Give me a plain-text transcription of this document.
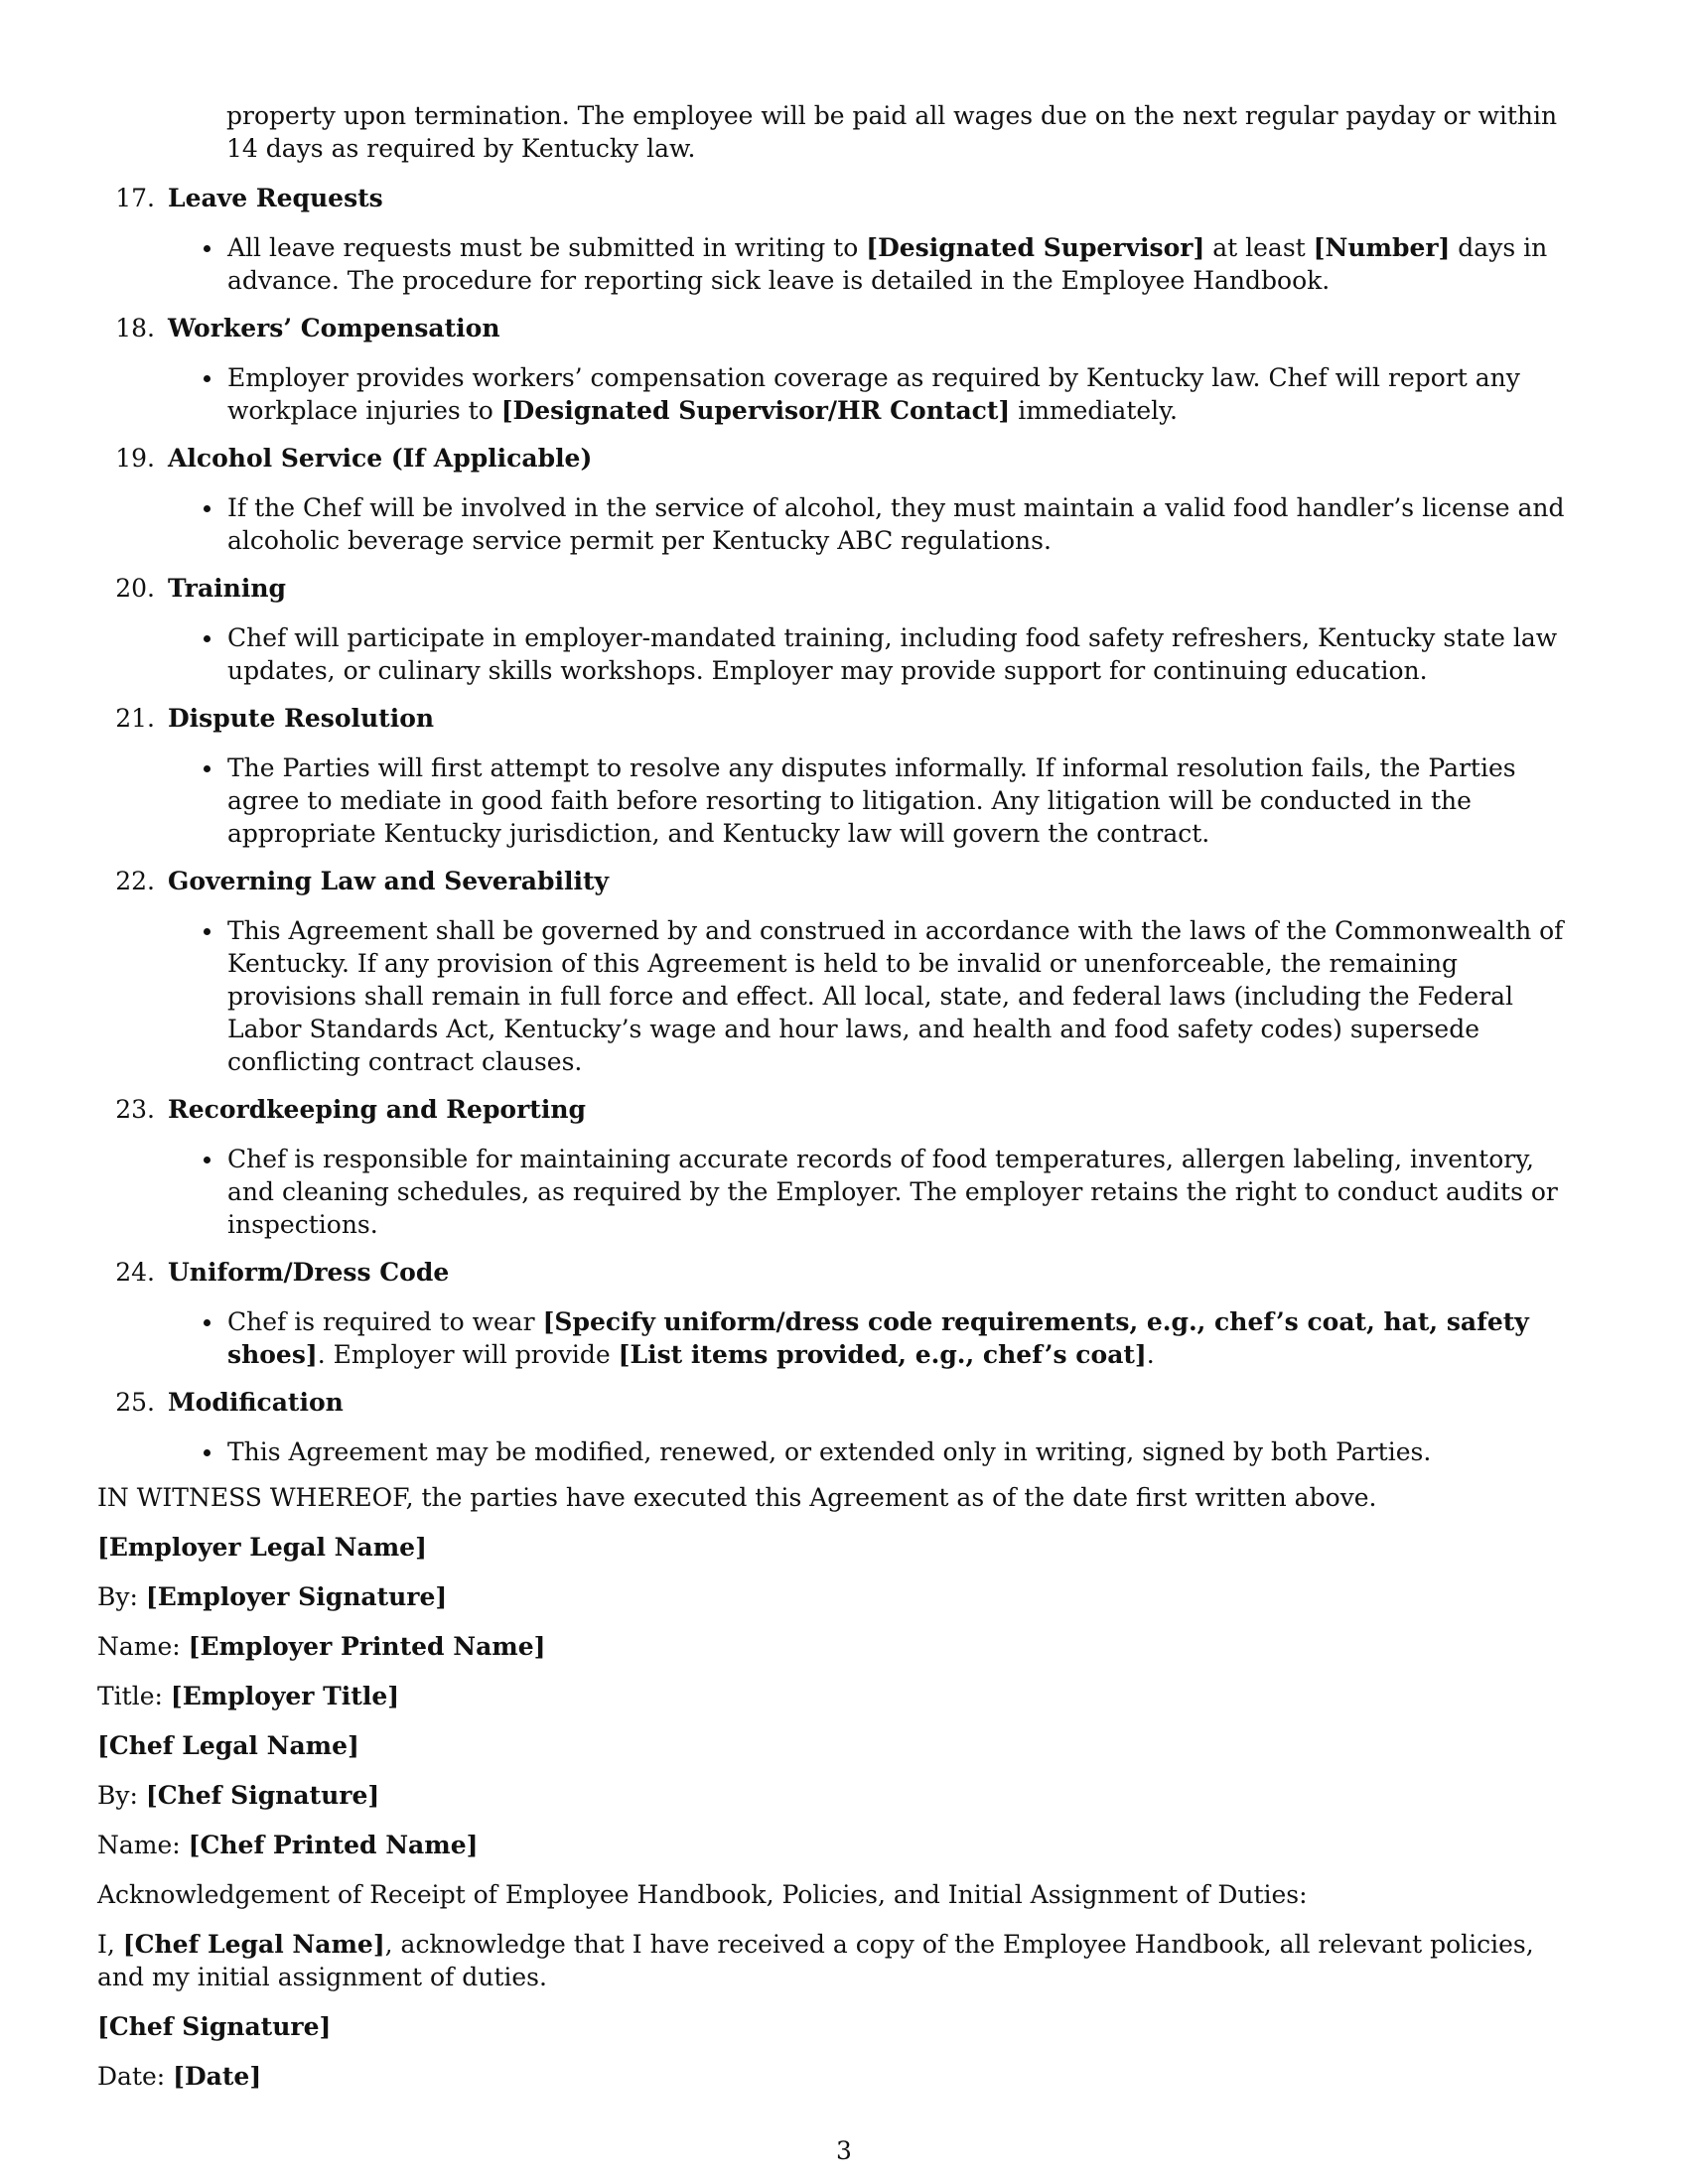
property upon termination. The employee will be paid all wages due on the next regular payday or within 14 days as required by Kentucky law.

17. Leave Requests
All leave requests must be submitted in writing to [Designated Supervisor] at least [Number] days in advance. The procedure for reporting sick leave is detailed in the Employee Handbook.
18. Workers’ Compensation
Employer provides workers’ compensation coverage as required by Kentucky law. Chef will report any workplace injuries to [Designated Supervisor/HR Contact] immediately.
19. Alcohol Service (If Applicable)
If the Chef will be involved in the service of alcohol, they must maintain a valid food handler’s license and alcoholic beverage service permit per Kentucky ABC regulations.
20. Training
Chef will participate in employer-mandated training, including food safety refreshers, Kentucky state law updates, or culinary skills workshops. Employer may provide support for continuing education.
21. Dispute Resolution
The Parties will first attempt to resolve any disputes informally. If informal resolution fails, the Parties agree to mediate in good faith before resorting to litigation. Any litigation will be conducted in the appropriate Kentucky jurisdiction, and Kentucky law will govern the contract.
22. Governing Law and Severability
This Agreement shall be governed by and construed in accordance with the laws of the Commonwealth of Kentucky. If any provision of this Agreement is held to be invalid or unenforceable, the remaining provisions shall remain in full force and effect. All local, state, and federal laws (including the Federal Labor Standards Act, Kentucky’s wage and hour laws, and health and food safety codes) supersede conflicting contract clauses.
23. Recordkeeping and Reporting
Chef is responsible for maintaining accurate records of food temperatures, allergen labeling, inventory, and cleaning schedules, as required by the Employer. The employer retains the right to conduct audits or inspections.
24. Uniform/Dress Code
Chef is required to wear [Specify uniform/dress code requirements, e.g., chef’s coat, hat, safety shoes]. Employer will provide [List items provided, e.g., chef’s coat].
25. Modification
This Agreement may be modified, renewed, or extended only in writing, signed by both Parties.

IN WITNESS WHEREOF, the parties have executed this Agreement as of the date first written above.

[Employer Legal Name]

By: [Employer Signature]

Name: [Employer Printed Name]

Title: [Employer Title]

[Chef Legal Name]

By: [Chef Signature]

Name: [Chef Printed Name]

Acknowledgement of Receipt of Employee Handbook, Policies, and Initial Assignment of Duties:

I, [Chef Legal Name], acknowledge that I have received a copy of the Employee Handbook, all relevant policies, and my initial assignment of duties.

[Chef Signature]

Date: [Date]

3
